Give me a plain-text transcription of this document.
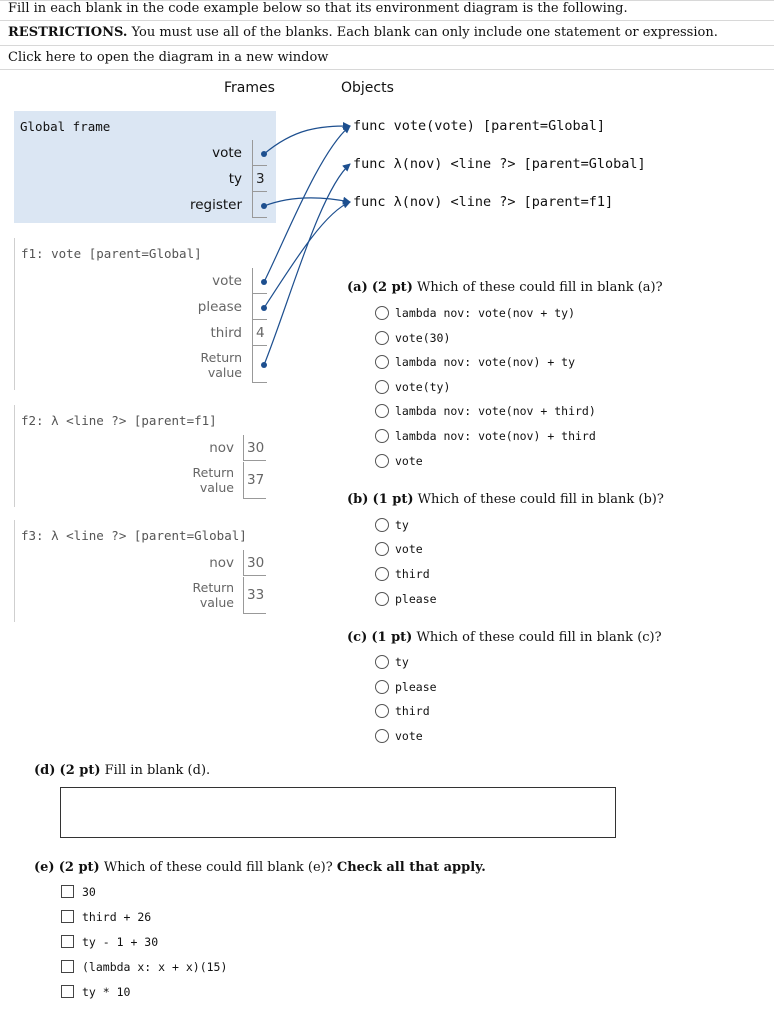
Fill in each blank in the code example below so that its environment diagram is the following.
RESTRICTIONS. You must use all of the blanks. Each blank can only include one statement or expression.
Click here to open the diagram in a new window
Frames	Objects
Global frame
vote
ty 3
register
f1: vote [parent=Global]
vote
please
third 4
Return value
f2: λ <line ?> [parent=f1]
nov 30
Return value 37
f3: λ <line ?> [parent=Global]
nov 30
Return value 33
func vote(vote) [parent=Global]
func λ(nov) <line ?> [parent=Global]
func λ(nov) <line ?> [parent=f1]
(a) (2 pt) Which of these could fill in blank (a)?
lambda nov: vote(nov + ty)
vote(30)
lambda nov: vote(nov) + ty
vote(ty)
lambda nov: vote(nov + third)
lambda nov: vote(nov) + third
vote
(b) (1 pt) Which of these could fill in blank (b)?
ty
vote
third
please
(c) (1 pt) Which of these could fill in blank (c)?
ty
please
third
vote
(d) (2 pt) Fill in blank (d).
(e) (2 pt) Which of these could fill blank (e)? Check all that apply.
30
third + 26
ty - 1 + 30
(lambda x: x + x)(15)
ty * 10
